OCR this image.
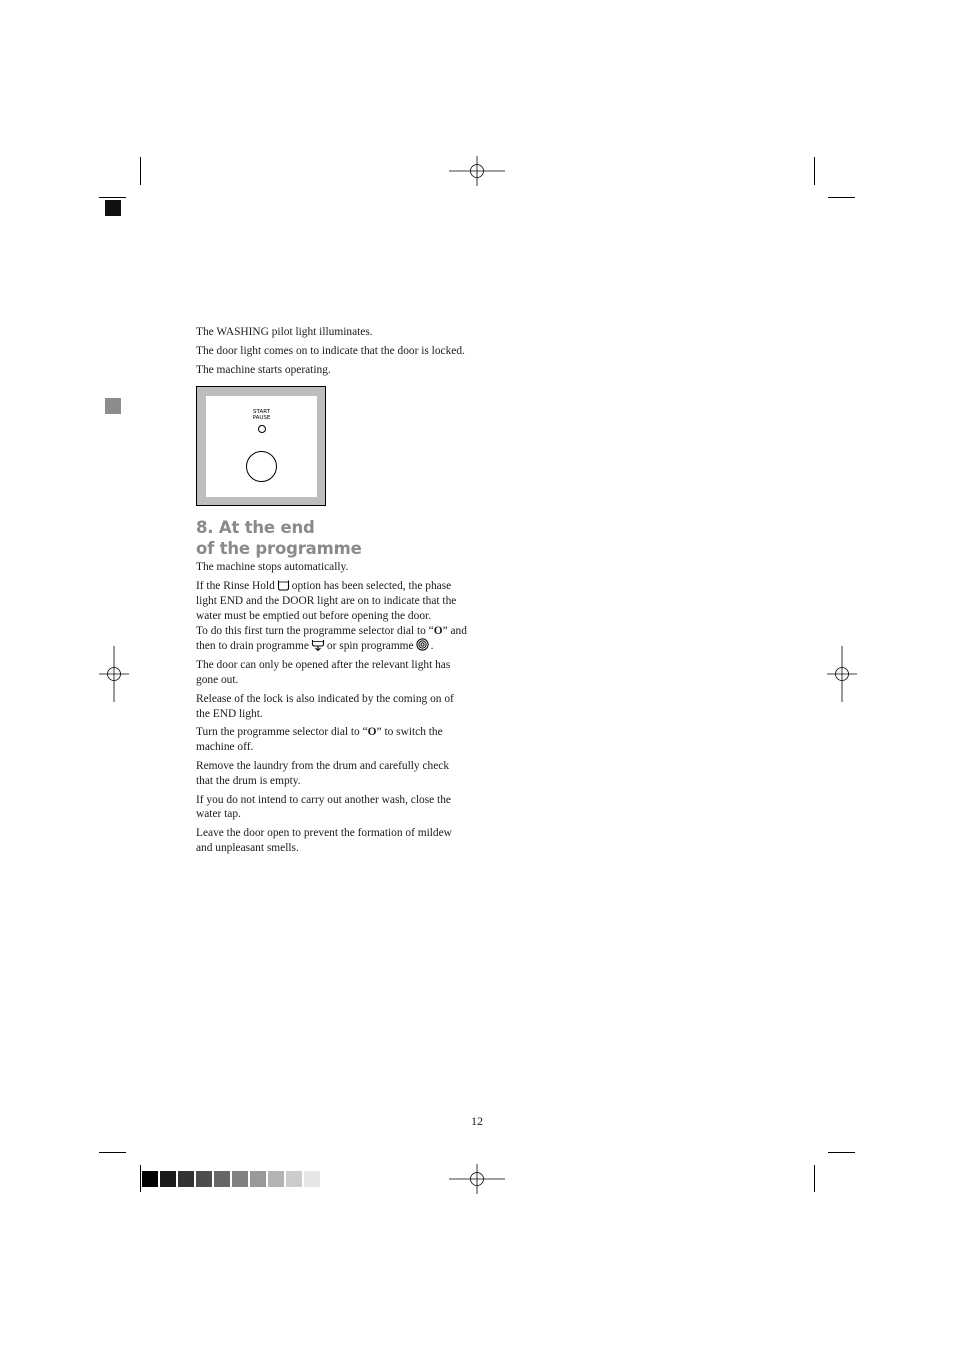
The WASHING pilot light illuminates.

The door light comes on to indicate that the door is locked.

The machine starts operating.

START
PAUSE
8. At the end
of the programme

The machine stops automatically.

If the Rinse Hold option has been selected, the phase light END and the DOOR light are on to indicate that the water must be emptied out before opening the door.

To do this first turn the programme selector dial to “O” and then to drain programme or spin programme .

The door can only be opened after the relevant light has gone out.

Release of the lock is also indicated by the coming on of the END light.

Turn the programme selector dial to “O” to switch the machine off.

Remove the laundry from the drum and carefully check that the drum is empty.

If you do not intend to carry out another wash, close the water tap.

Leave the door open to prevent the formation of mildew and unpleasant smells.

12
